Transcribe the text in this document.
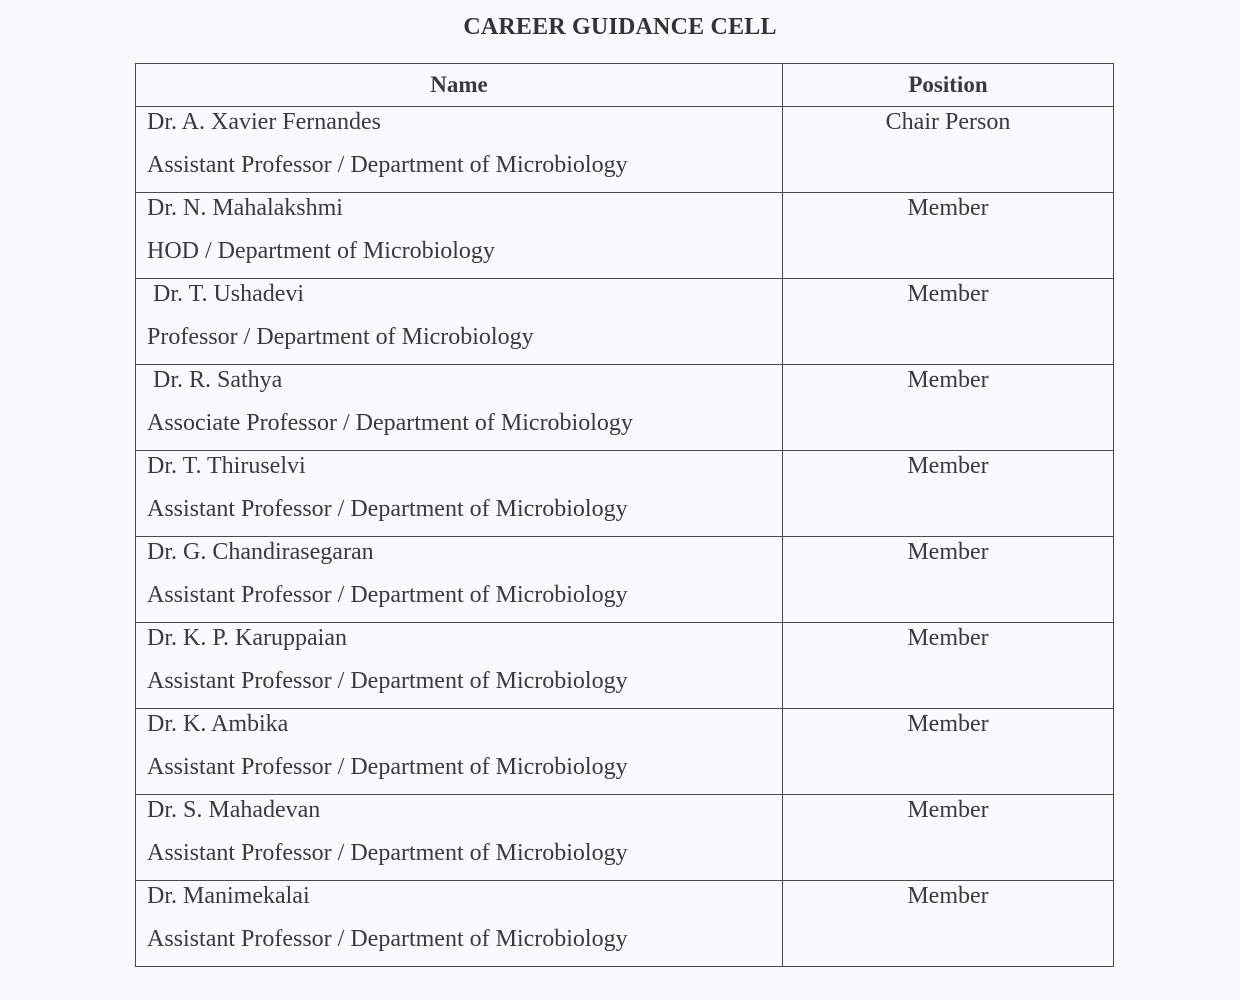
CAREER GUIDANCE CELL
Name	Position

Dr. A. Xavier Fernandes
Assistant Professor / Department of Microbiology	Chair Person

Dr. N. Mahalakshmi
HOD / Department of Microbiology	Member

Dr. T. Ushadevi
Professor / Department of Microbiology	Member

Dr. R. Sathya
Associate Professor / Department of Microbiology	Member

Dr. T. Thiruselvi
Assistant Professor / Department of Microbiology	Member

Dr. G. Chandirasegaran
Assistant Professor / Department of Microbiology	Member

Dr. K. P. Karuppaian
Assistant Professor / Department of Microbiology	Member

Dr. K. Ambika
Assistant Professor / Department of Microbiology	Member

Dr. S. Mahadevan
Assistant Professor / Department of Microbiology	Member

Dr. Manimekalai
Assistant Professor / Department of Microbiology	Member
